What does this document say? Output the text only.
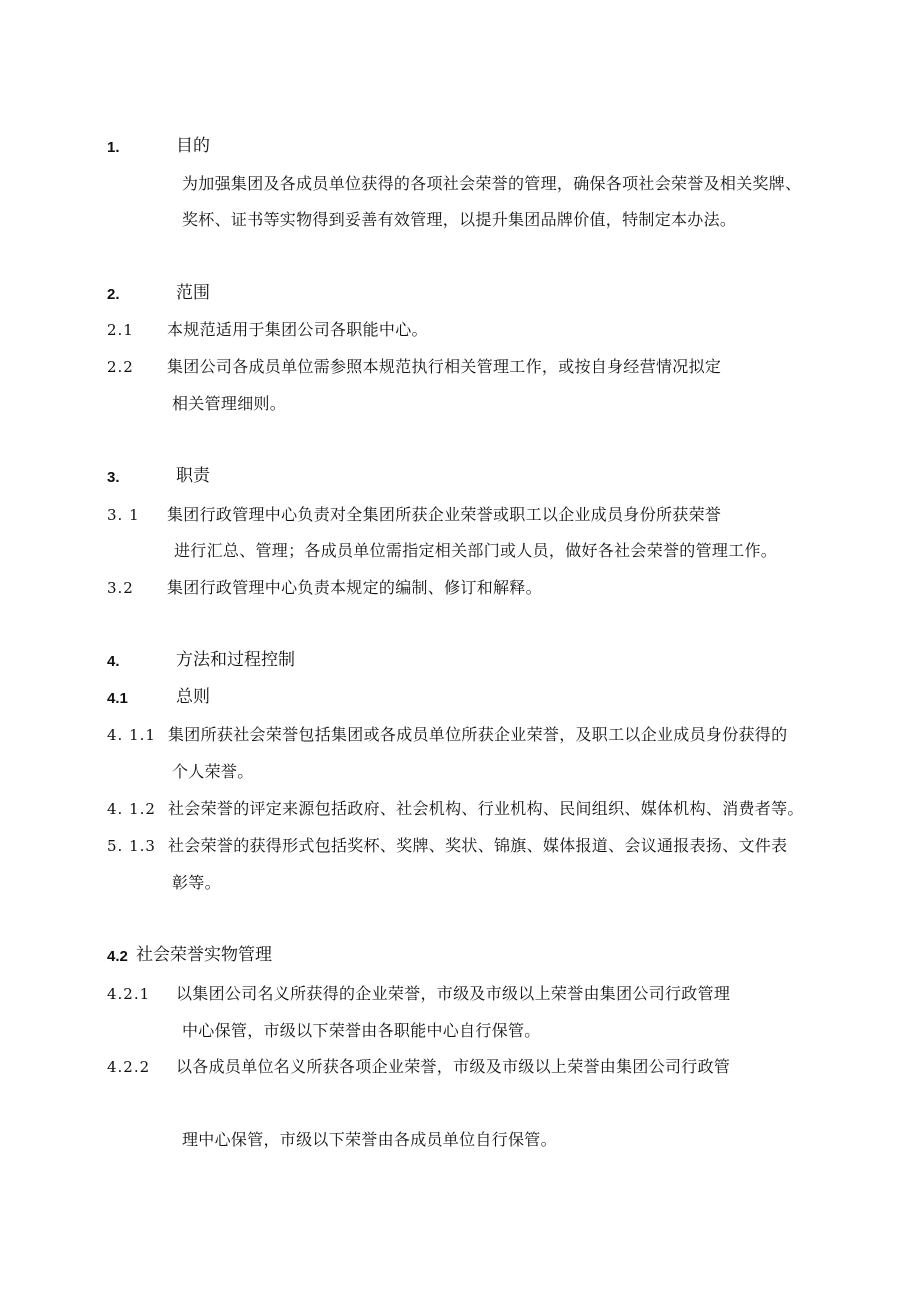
1.	目的
为加强集团及各成员单位获得的各项社会荣誉的管理，确保各项社会荣誉及相关奖牌、
奖杯、证书等实物得到妥善有效管理，以提升集团品牌价值，特制定本办法。
2.	范围
2.1 本规范适用于集团公司各职能中心。
2.2 集团公司各成员单位需参照本规范执行相关管理工作，或按自身经营情况拟定
相关管理细则。
3.	职责
3. 1 集团行政管理中心负责对全集团所获企业荣誉或职工以企业成员身份所获荣誉
进行汇总、管理；各成员单位需指定相关部门或人员，做好各社会荣誉的管理工作。
3.2 集团行政管理中心负责本规定的编制、修订和解释。
4.	方法和过程控制
4.1	总则
4. 1.1 集团所获社会荣誉包括集团或各成员单位所获企业荣誉，及职工以企业成员身份获得的
个人荣誉。
4. 1.2 社会荣誉的评定来源包括政府、社会机构、行业机构、民间组织、媒体机构、消费者等。
5. 1.3 社会荣誉的获得形式包括奖杯、奖牌、奖状、锦旗、媒体报道、会议通报表扬、文件表
彰等。
4.2 社会荣誉实物管理
4.2.1 以集团公司名义所获得的企业荣誉，市级及市级以上荣誉由集团公司行政管理
中心保管，市级以下荣誉由各职能中心自行保管。
4.2.2 以各成员单位名义所获各项企业荣誉，市级及市级以上荣誉由集团公司行政管
理中心保管，市级以下荣誉由各成员单位自行保管。
